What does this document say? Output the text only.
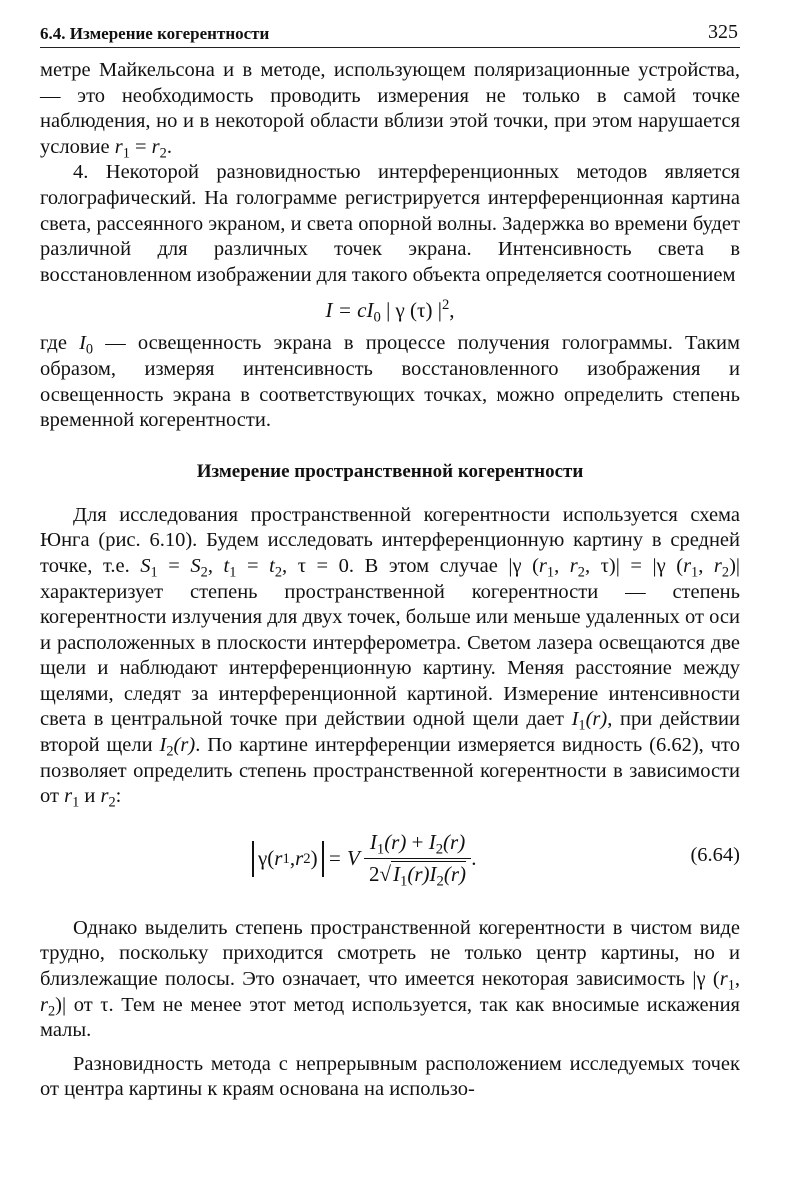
6.4. Измерение когерентности	325

метре Майкельсона и в методе, использующем поляризационные устройства, — это необходимость проводить измерения не только в самой точке наблюдения, но и в некоторой области вблизи этой точки, при этом нарушается условие $r_1 = r_2$.

4. Некоторой разновидностью интерференционных методов является голографический. На голограмме регистрируется интерференционная картина света, рассеянного экраном, и света опорной волны. Задержка во времени будет различной для различных точек экрана. Интенсивность света в восстановленном изображении для такого объекта определяется соотношением

$I = cI_0$ | γ (τ) $|^2$,

где $I_0$ — освещенность экрана в процессе получения голограммы. Таким образом, измеряя интенсивность восстановленного изображения и освещенность экрана в соответствующих точках, можно определить степень временной когерентности.

Измерение пространственной когерентности

Для исследования пространственной когерентности используется схема Юнга (рис. 6.10). Будем исследовать интерференционную картину в средней точке, т.е. $S_1 = S_2$, $t_1 = t_2$, τ = 0. В этом случае |γ ($r_1$, $r_2$, τ)| = |γ ($r_1$, $r_2)|$ характеризует степень пространственной когерентности — степень когерентности излучения для двух точек, больше или меньше удаленных от оси и расположенных в плоскости интерферометра. Светом лазера освещаются две щели и наблюдают интерференционную картину. Меняя расстояние между щелями, следят за интерференционной картиной. Измерение интенсивности света в центральной точке при действии одной щели дает $I_1(r)$, при действии второй щели $I_2(r)$. По картине интерференции измеряется видность (6.62), что позволяет определить степень пространственной когерентности в зависимости от $r_1$ и $r_2$:

γ ( r 1 , r 2 ) = V $\frac{I_1(r) + I_2(r)}{2√I_1(r)I_2(r)}$ .	(6.64)

Однако выделить степень пространственной когерентности в чистом виде трудно, поскольку приходится смотреть не только центр картины, но и близлежащие полосы. Это означает, что имеется некоторая зависимость |γ ($r_1$, $r_2)|$ от τ. Тем не менее этот метод используется, так как вносимые искажения малы.

Разновидность метода с непрерывным расположением исследуемых точек от центра картины к краям основана на использо-
